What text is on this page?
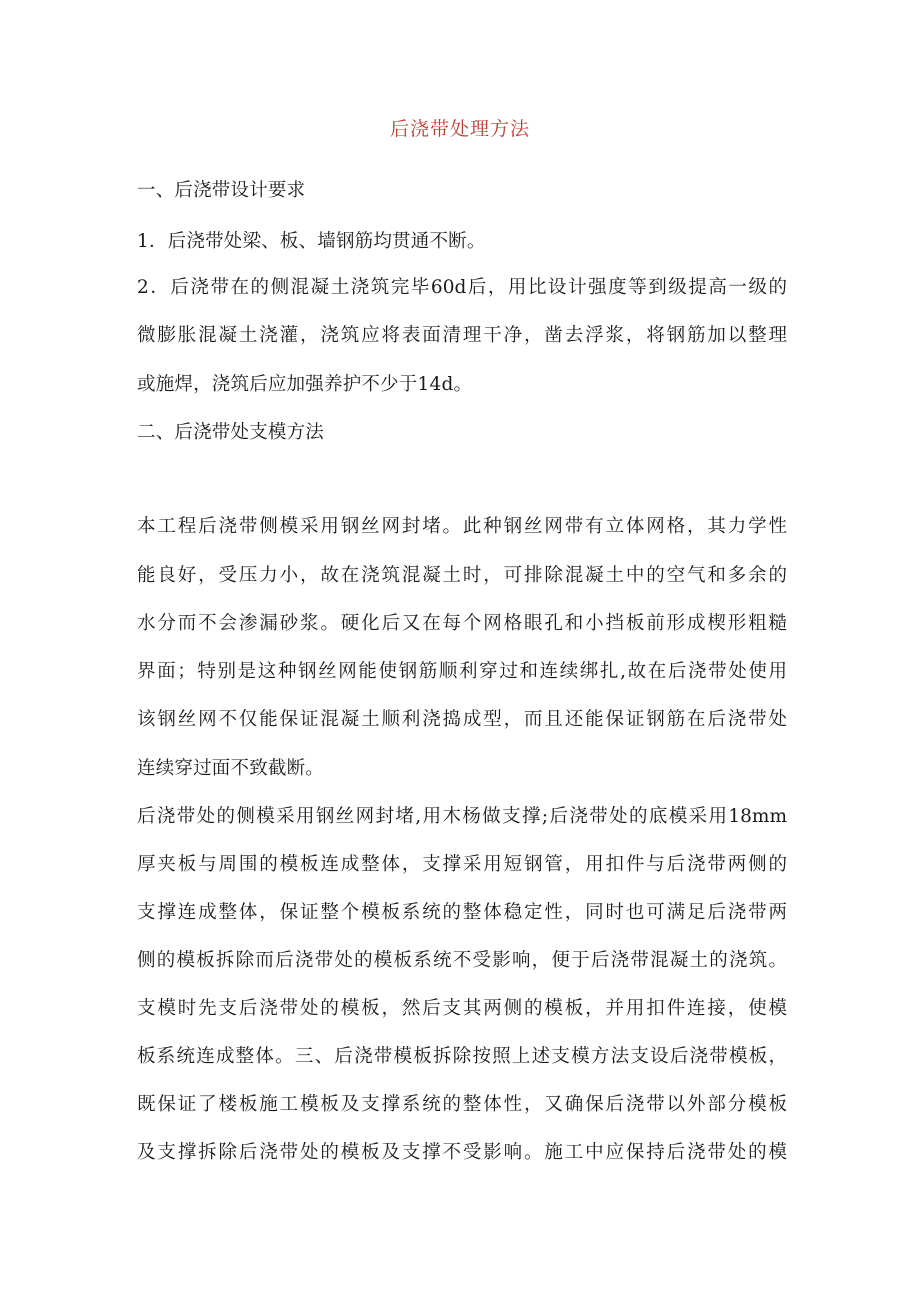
后浇带处理方法
一、后浇带设计要求
1．后浇带处梁、板、墙钢筋均贯通不断。
2．后浇带在的侧混凝土浇筑完毕60d后，用比设计强度等到级提高一级的
微膨胀混凝土浇灌，浇筑应将表面清理干净，凿去浮浆，将钢筋加以整理
或施焊，浇筑后应加强养护不少于14d。
二、后浇带处支模方法
本工程后浇带侧模采用钢丝网封堵。此种钢丝网带有立体网格，其力学性
能良好，受压力小，故在浇筑混凝土时，可排除混凝土中的空气和多余的
水分而不会渗漏砂浆。硬化后又在每个网格眼孔和小挡板前形成楔形粗糙
界面；特别是这种钢丝网能使钢筋顺利穿过和连续绑扎,故在后浇带处使用
该钢丝网不仅能保证混凝土顺利浇捣成型，而且还能保证钢筋在后浇带处
连续穿过面不致截断。
后浇带处的侧模采用钢丝网封堵,用木杨做支撑;后浇带处的底模采用18mm
厚夹板与周围的模板连成整体，支撑采用短钢管，用扣件与后浇带两侧的
支撑连成整体，保证整个模板系统的整体稳定性，同时也可满足后浇带两
侧的模板拆除而后浇带处的模板系统不受影响，便于后浇带混凝土的浇筑。
支模时先支后浇带处的模板，然后支其两侧的模板，并用扣件连接，使模
板系统连成整体。三、后浇带模板拆除按照上述支模方法支设后浇带模板，
既保证了楼板施工模板及支撑系统的整体性，又确保后浇带以外部分模板
及支撑拆除后浇带处的模板及支撑不受影响。施工中应保持后浇带处的模
